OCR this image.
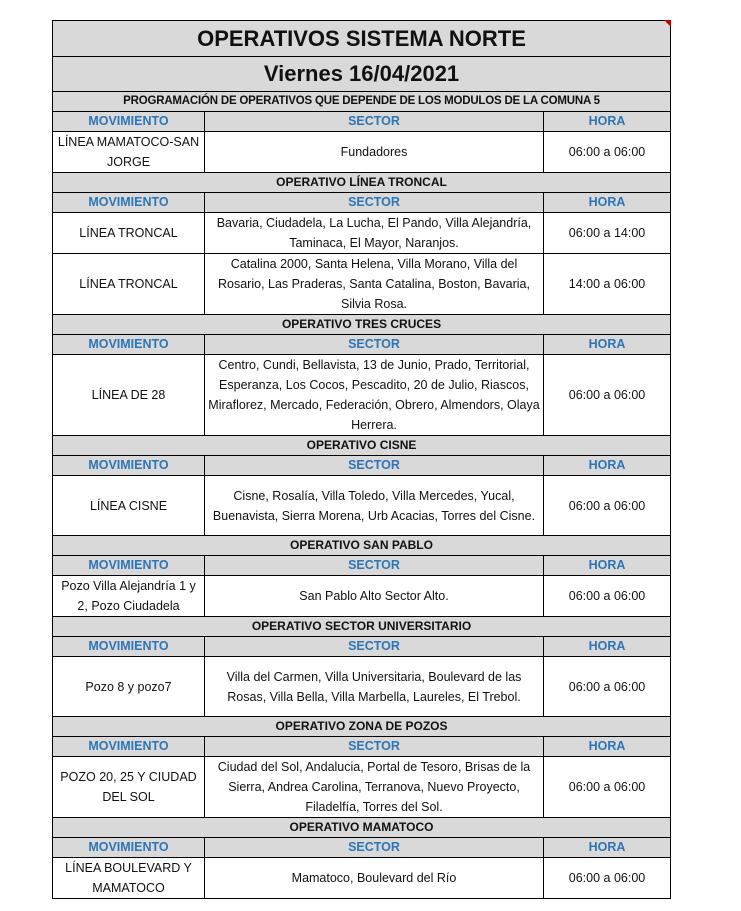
OPERATIVOS SISTEMA NORTE		

Viernes 16/04/2021		
PROGRAMACIÓN DE OPERATIVOS QUE DEPENDE DE LOS MODULOS DE LA COMUNA 5		
MOVIMIENTO	SECTOR	HORA
LÍNEA MAMATOCO-SAN JORGE	Fundadores	06:00 a 06:00
OPERATIVO LÍNEA TRONCAL		
MOVIMIENTO	SECTOR	HORA
LÍNEA TRONCAL	Bavaria, Ciudadela, La Lucha, El Pando, Villa Alejandría, Taminaca, El Mayor, Naranjos.	06:00 a 14:00
LÍNEA TRONCAL	Catalina 2000, Santa Helena, Villa Morano, Villa del Rosario, Las Praderas, Santa Catalina, Boston, Bavaria, Silvia Rosa.	14:00 a 06:00
OPERATIVO TRES CRUCES		
MOVIMIENTO	SECTOR	HORA
LÍNEA DE 28	Centro, Cundi, Bellavista, 13 de Junio, Prado, Territorial, Esperanza, Los Cocos, Pescadito, 20 de Julio, Riascos, Miraflorez, Mercado, Federación, Obrero, Almendors, Olaya Herrera.	06:00 a 06:00
OPERATIVO CISNE		
MOVIMIENTO	SECTOR	HORA
LÍNEA CISNE	Cisne, Rosalía, Villa Toledo, Villa Mercedes, Yucal, Buenavista, Sierra Morena, Urb Acacias, Torres del Cisne.	06:00 a 06:00
OPERATIVO SAN PABLO		
MOVIMIENTO	SECTOR	HORA
Pozo Villa Alejandría 1 y 2, Pozo Ciudadela	San Pablo Alto Sector Alto.	06:00 a 06:00
OPERATIVO SECTOR UNIVERSITARIO		
MOVIMIENTO	SECTOR	HORA
Pozo 8 y pozo7	Villa del Carmen, Villa Universitaria, Boulevard de las Rosas, Villa Bella, Villa Marbella, Laureles, El Trebol.	06:00 a 06:00
OPERATIVO ZONA DE POZOS		
MOVIMIENTO	SECTOR	HORA
POZO 20, 25 Y CIUDAD DEL SOL	Ciudad del Sol, Andalucia, Portal de Tesoro, Brisas de la Sierra, Andrea Carolina, Terranova, Nuevo Proyecto, Filadelfía, Torres del Sol.	06:00 a 06:00
OPERATIVO MAMATOCO		
MOVIMIENTO	SECTOR	HORA
LÍNEA BOULEVARD Y MAMATOCO	Mamatoco, Boulevard del Río	06:00 a 06:00
